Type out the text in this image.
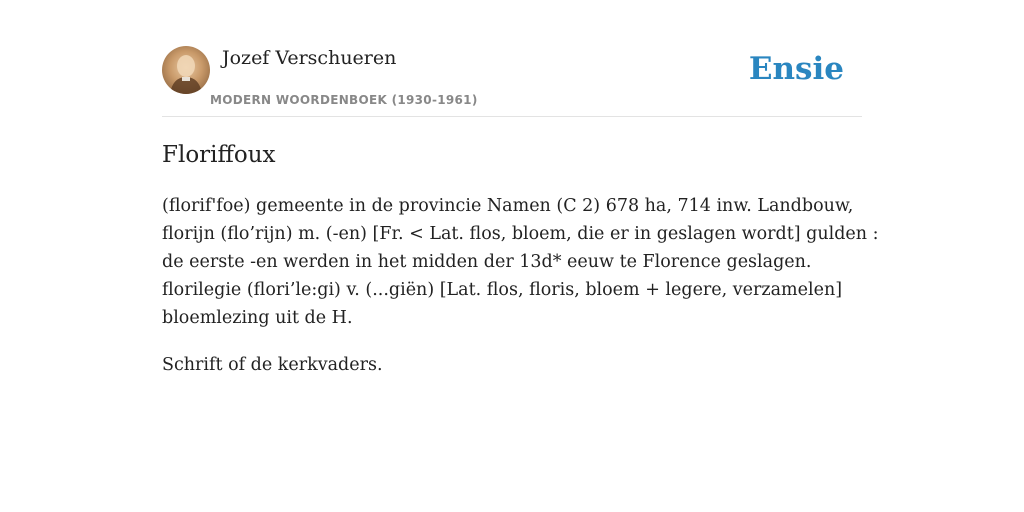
Jozef Verschueren
MODERN WOORDENBOEK (1930-1961)
Ensie
Floriffoux

(florif'foe) gemeente in de provincie Namen (C 2) 678 ha, 714 inw. Landbouw,
florijn (flo’rijn) m. (-en) [Fr. < Lat. flos, bloem, die er in geslagen wordt] gulden :
de eerste -en werden in het midden der 13d* eeuw te Florence geslagen.
florilegie (flori’le:gi) v. (...giën) [Lat. flos, floris, bloem + legere, verzamelen]
bloemlezing uit de H.

Schrift of de kerkvaders.
